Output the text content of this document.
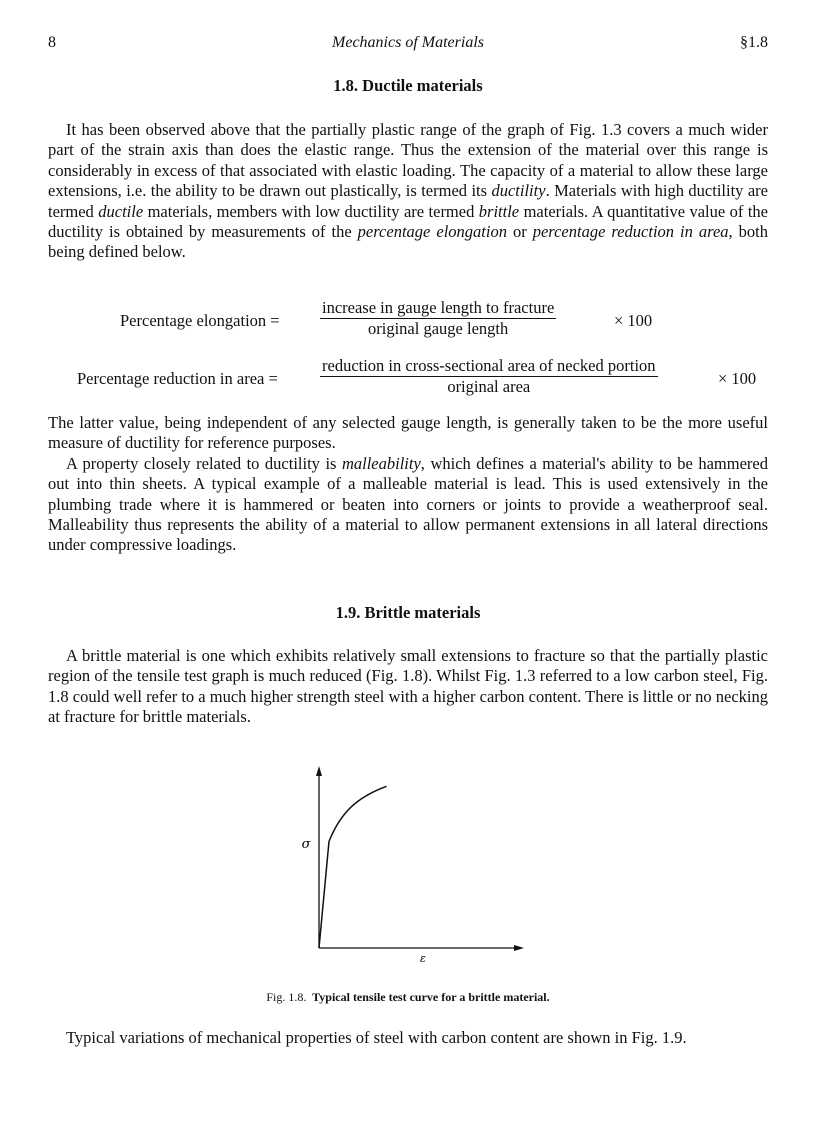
8	Mechanics of Materials	§1.8
1.8. Ductile materials

It has been observed above that the partially plastic range of the graph of Fig. 1.3 covers a much wider part of the strain axis than does the elastic range. Thus the extension of the material over this range is considerably in excess of that associated with elastic loading. The capacity of a material to allow these large extensions, i.e. the ability to be drawn out plastically, is termed its ductility. Materials with high ductility are termed ductile materials, members with low ductility are termed brittle materials. A quantitative value of the ductility is obtained by measurements of the percentage elongation or percentage reduction in area, both being defined below.

Percentage elongation =
increase in gauge length to fracture
original gauge length	× 100
Percentage reduction in area =
reduction in cross-sectional area of necked portion
original area	× 100

The latter value, being independent of any selected gauge length, is generally taken to be the more useful measure of ductility for reference purposes.

A property closely related to ductility is malleability, which defines a material's ability to be hammered out into thin sheets. A typical example of a malleable material is lead. This is used extensively in the plumbing trade where it is hammered or beaten into corners or joints to provide a weatherproof seal. Malleability thus represents the ability of a material to allow permanent extensions in all lateral directions under compressive loadings.

1.9. Brittle materials

A brittle material is one which exhibits relatively small extensions to fracture so that the partially plastic region of the tensile test graph is much reduced (Fig. 1.8). Whilst Fig. 1.3 referred to a low carbon steel, Fig. 1.8 could well refer to a much higher strength steel with a higher carbon content. There is little or no necking at fracture for brittle materials.

σ
ε
Fig. 1.8. Typical tensile test curve for a brittle material.

Typical variations of mechanical properties of steel with carbon content are shown in Fig. 1.9.
